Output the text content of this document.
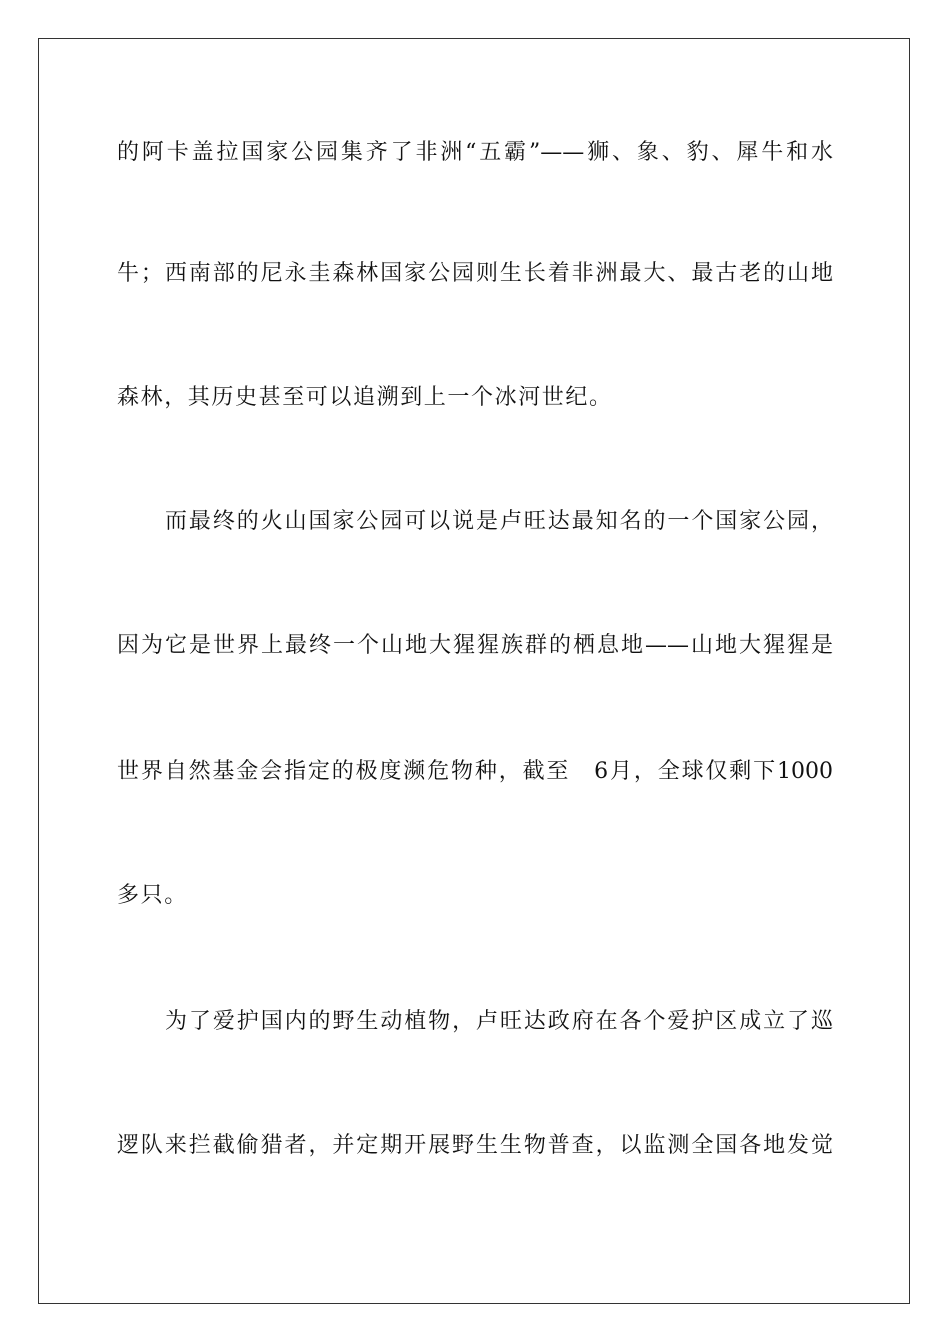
的阿卡盖拉国家公园集齐了非洲“五霸”——狮、象、豹、犀牛和水
牛；西南部的尼永圭森林国家公园则生长着非洲最大、最古老的山地
森林，其历史甚至可以追溯到上一个冰河世纪。
而最终的火山国家公园可以说是卢旺达最知名的一个国家公园，
因为它是世界上最终一个山地大猩猩族群的栖息地——山地大猩猩是
世界自然基金会指定的极度濒危物种，截至　6月，全球仅剩下1000
多只。
为了爱护国内的野生动植物，卢旺达政府在各个爱护区成立了巡
逻队来拦截偷猎者，并定期开展野生生物普查，以监测全国各地发觉
